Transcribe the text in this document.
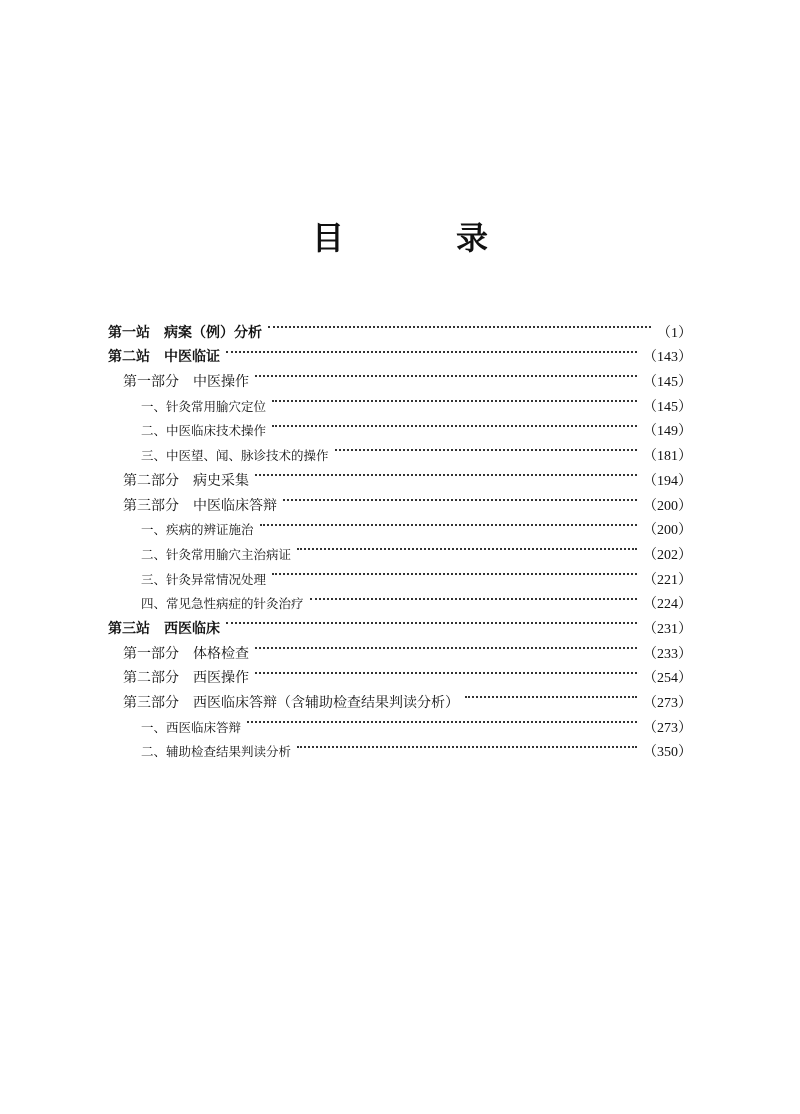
目　录
第一站　病案（例）分析	（1）
第二站　中医临证	（143）
第一部分　中医操作	（145）
一、针灸常用腧穴定位	（145）
二、中医临床技术操作	（149）
三、中医望、闻、脉诊技术的操作	（181）
第二部分　病史采集	（194）
第三部分　中医临床答辩	（200）
一、疾病的辨证施治	（200）
二、针灸常用腧穴主治病证	（202）
三、针灸异常情况处理	（221）
四、常见急性病症的针灸治疗	（224）
第三站　西医临床	（231）
第一部分　体格检查	（233）
第二部分　西医操作	（254）
第三部分　西医临床答辩（含辅助检查结果判读分析）	（273）
一、西医临床答辩	（273）
二、辅助检查结果判读分析	（350）
